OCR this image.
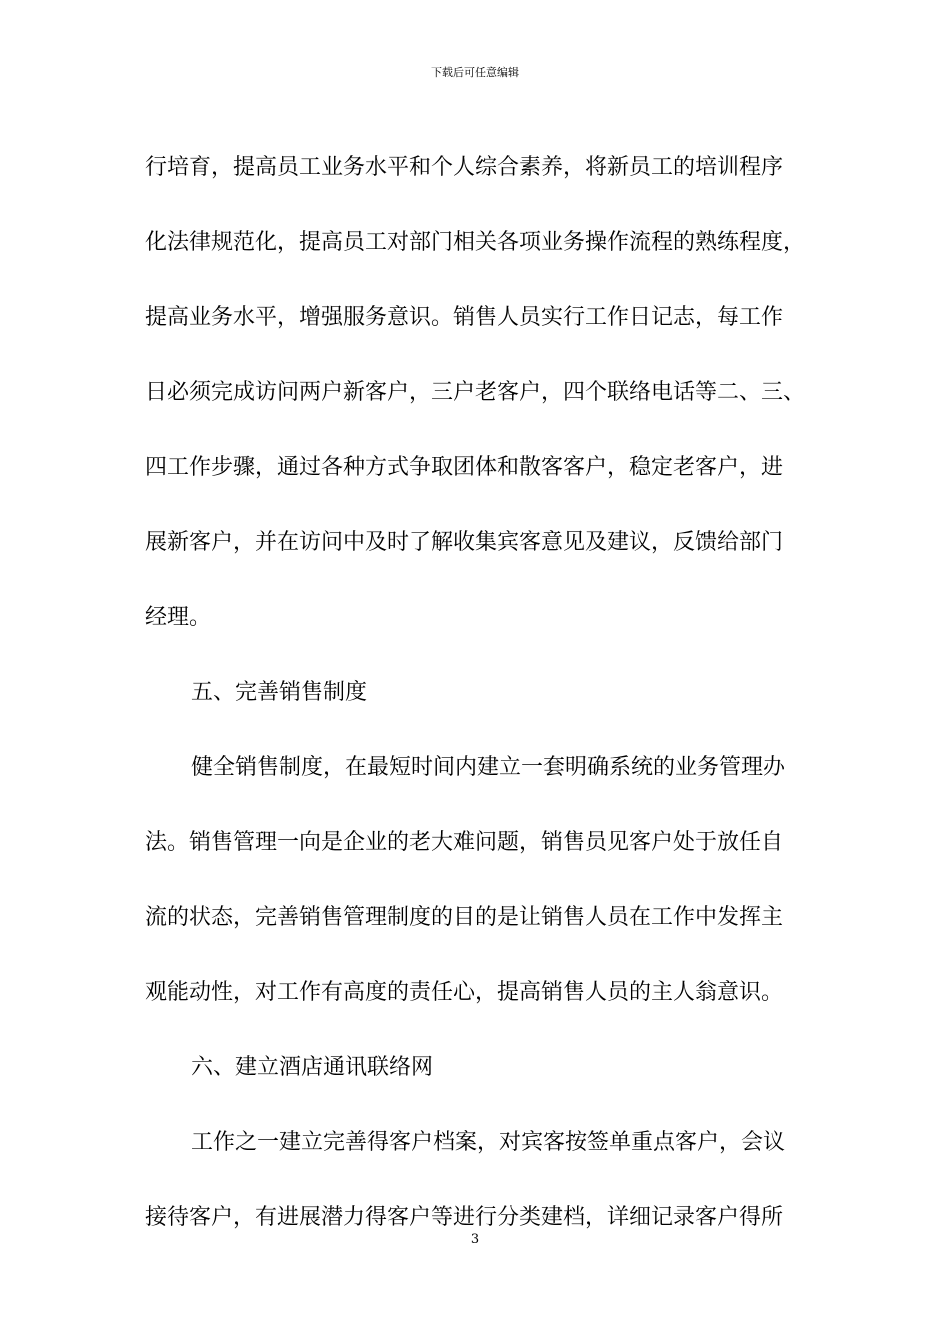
下载后可任意编辑
行培育，提高员工业务水平和个人综合素养，将新员工的培训程序
化法律规范化，提高员工对部门相关各项业务操作流程的熟练程度，
提高业务水平，增强服务意识。销售人员实行工作日记志，每工作
日必须完成访问两户新客户，三户老客户，四个联络电话等二、三、
四工作步骤，通过各种方式争取团体和散客客户，稳定老客户，进
展新客户，并在访问中及时了解收集宾客意见及建议，反馈给部门
经理。
五、完善销售制度
健全销售制度，在最短时间内建立一套明确系统的业务管理办
法。销售管理一向是企业的老大难问题，销售员见客户处于放任自
流的状态，完善销售管理制度的目的是让销售人员在工作中发挥主
观能动性，对工作有高度的责任心，提高销售人员的主人翁意识。
六、建立酒店通讯联络网
工作之一建立完善得客户档案，对宾客按签单重点客户，会议
接待客户，有进展潜力得客户等进行分类建档，详细记录客户得所
3
